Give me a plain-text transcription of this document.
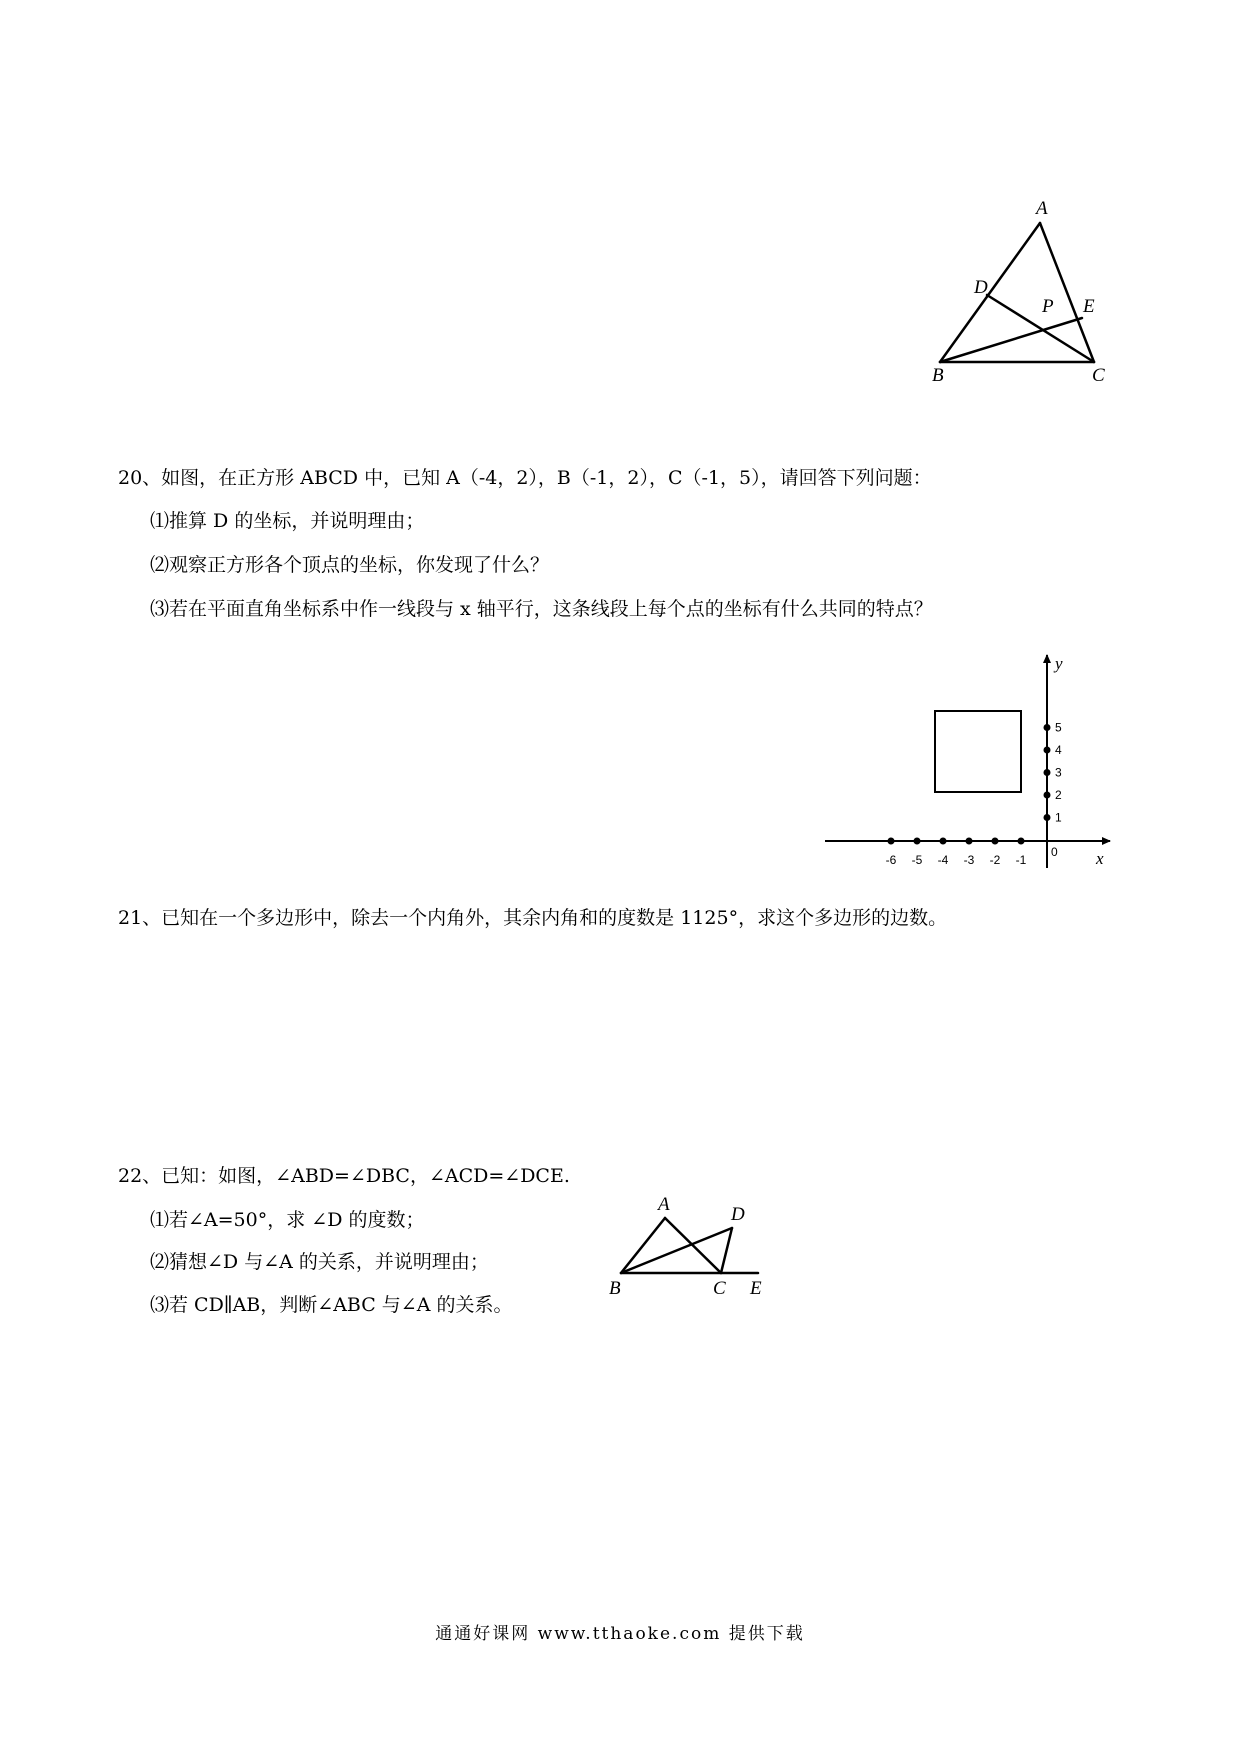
A
B	C
D
E
P
20、如图，在正方形 ABCD 中，已知 A（-4，2），B（-1，2），C（-1，5），请回答下列问题：
⑴推算 D 的坐标，并说明理由；
⑵观察正方形各个顶点的坐标，你发现了什么？
⑶若在平面直角坐标系中作一线段与 x 轴平行，这条线段上每个点的坐标有什么共同的特点？
-6 -5 -4 -3 -2 -1
1
2
3
4
5
0 x
y
21、已知在一个多边形中，除去一个内角外，其余内角和的度数是 1125°，求这个多边形的边数。
22、已知：如图，∠ABD=∠DBC，∠ACD=∠DCE.
⑴若∠A=50°，求 ∠D 的度数；
⑵猜想∠D 与∠A 的关系，并说明理由；
⑶若 CD∥AB，判断∠ABC 与∠A 的关系。
A
B	C
D
E
通通好课网 www.tthaoke.com 提供下载
